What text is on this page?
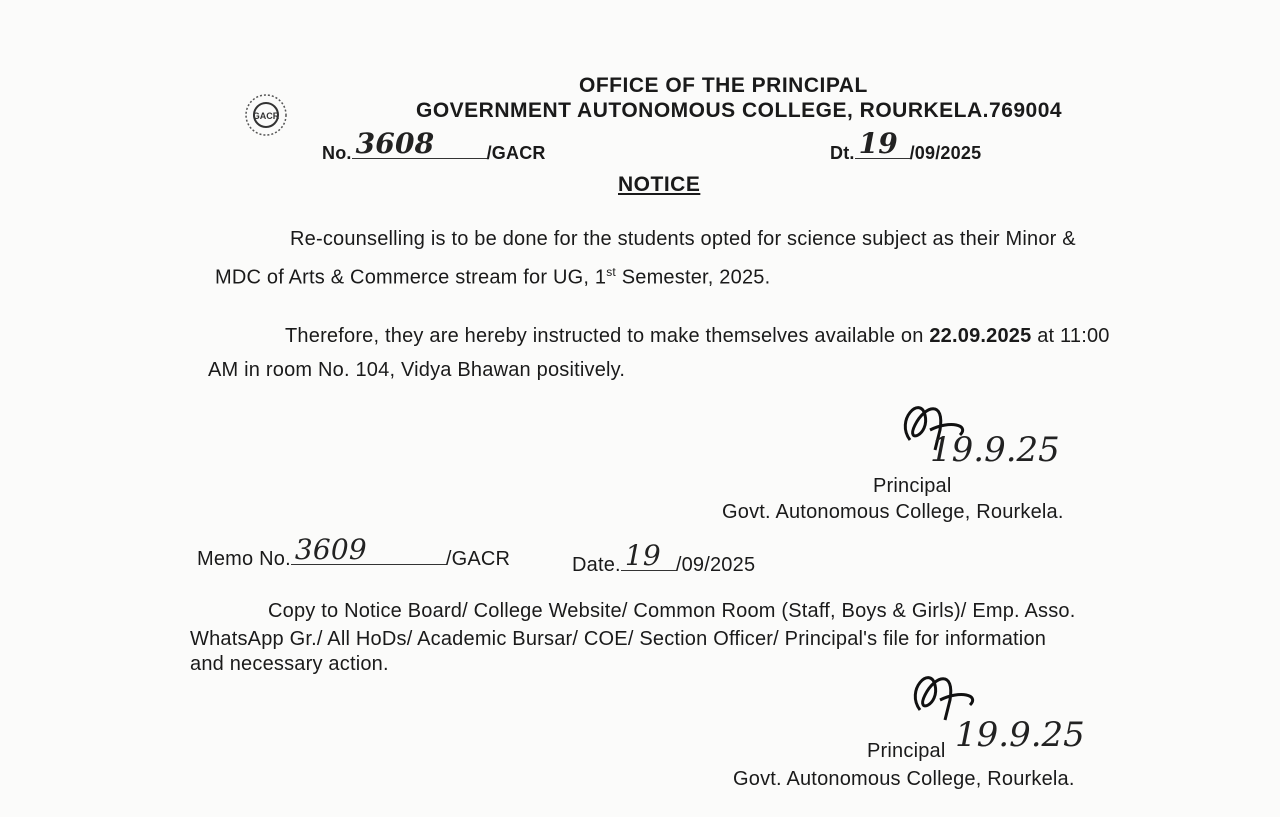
GACR
OFFICE OF THE PRINCIPAL
GOVERNMENT AUTONOMOUS COLLEGE, ROURKELA.769004
No. 3608	/GACR	Dt. 19 /09/2025
NOTICE
Re-counselling is to be done for the students opted for science subject as their Minor &
MDC of Arts & Commerce stream for UG, 1st Semester, 2025.
Therefore, they are hereby instructed to make themselves available on 22.09.2025 at 11:00
AM in room No. 104, Vidya Bhawan positively.
19.9.25
Principal
Govt. Autonomous College, Rourkela.
Memo No. 3609	/GACR	Date. 19 /09/2025
Copy to Notice Board/ College Website/ Common Room (Staff, Boys & Girls)/ Emp. Asso.
WhatsApp Gr./ All HoDs/ Academic Bursar/ COE/ Section Officer/ Principal's file for information
and necessary action.
19.9.25
Principal
Govt. Autonomous College, Rourkela.
